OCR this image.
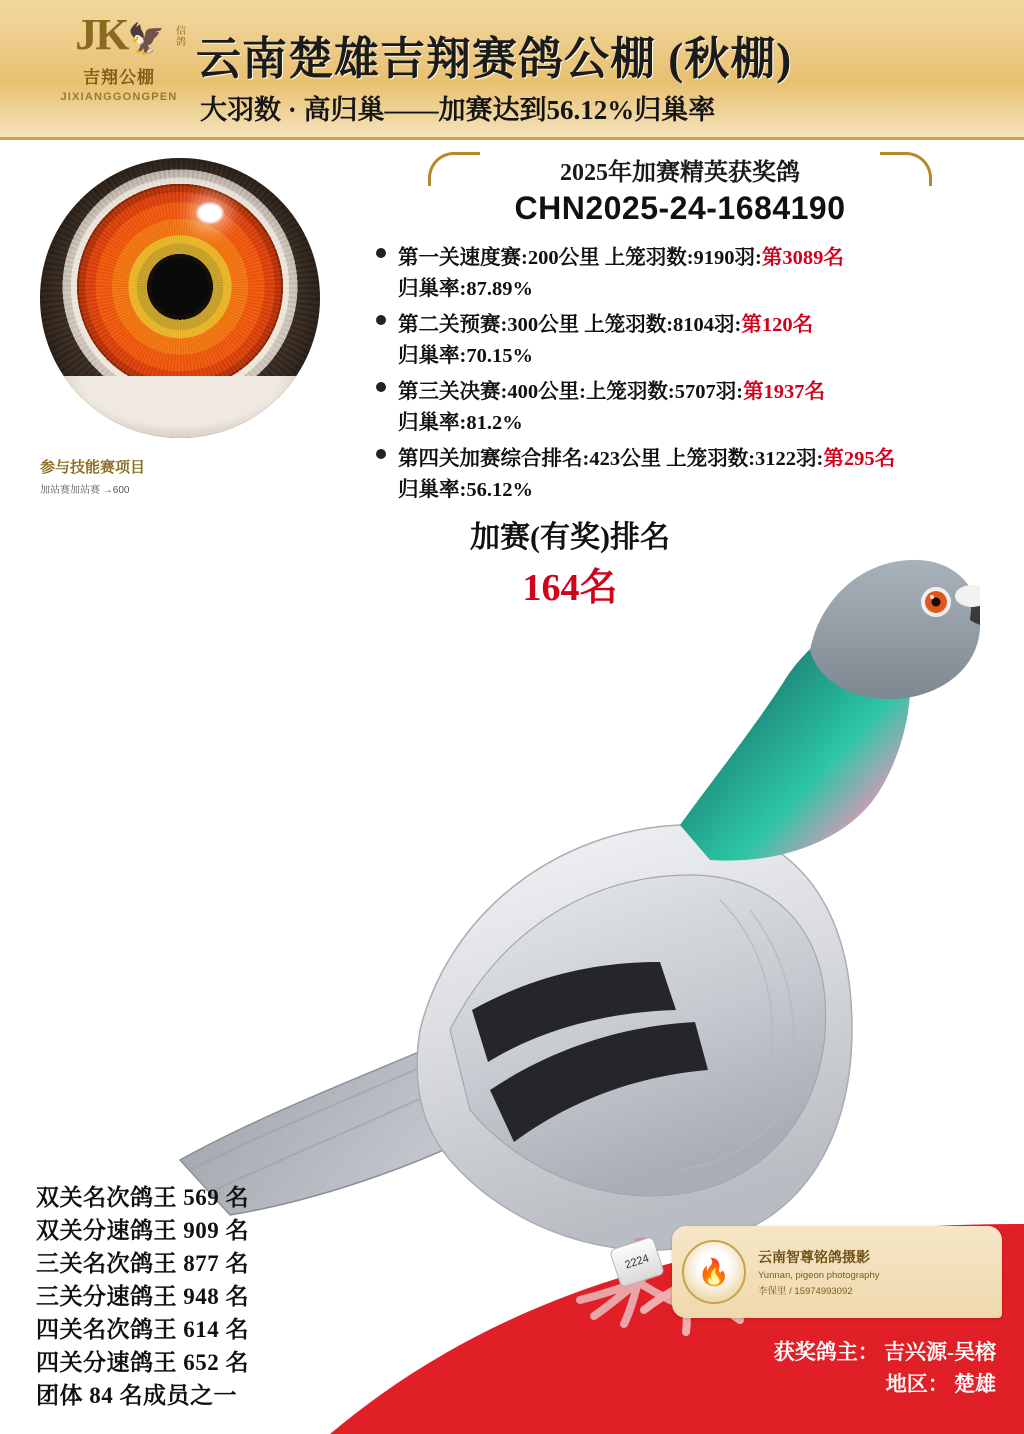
JK🦅
吉翔公棚
JIXIANGGONGPEN
信鸽 云南楚雄吉翔赛鸽公棚 (秋棚)
大羽数 · 高归巢——加赛达到56.12%归巢率
参与技能赛项目
加站赛加站赛 →600
2025年加赛精英获奖鸽
CHN2025-24-1684190
第一关速度赛:200公里 上笼羽数:9190羽:第3089名
归巢率:87.89%
第二关预赛:300公里 上笼羽数:8104羽:第120名
归巢率:70.15%
第三关决赛:400公里:上笼羽数:5707羽:第1937名
归巢率:81.2%
第四关加赛综合排名:423公里 上笼羽数:3122羽:第295名
归巢率:56.12%
加赛(有奖)排名
164名
2224
双关名次鸽王 569 名
双关分速鸽王 909 名
三关名次鸽王 877 名
三关分速鸽王 948 名
四关名次鸽王 614 名
四关分速鸽王 652 名
团体 84 名成员之一
🔥	云南智尊铭鸽摄影
Yunnan, pigeon photography
李保里 / 15974993092
获奖鸽主： 吉兴源-吴榕
地区： 楚雄
